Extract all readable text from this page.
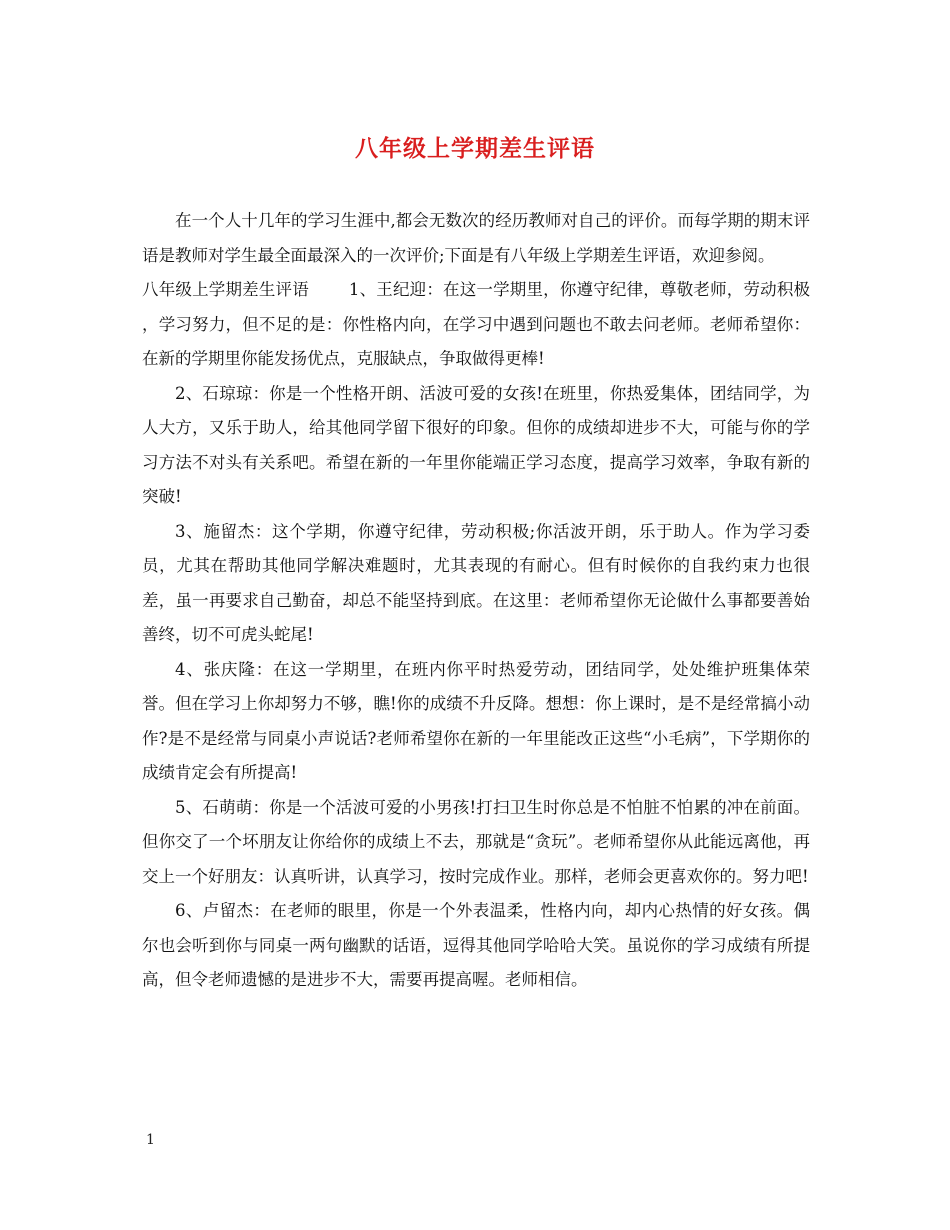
八年级上学期差生评语

在一个人十几年的学习生涯中,都会无数次的经历教师对自己的评价。而每学期的期末评语是教师对学生最全面最深入的一次评价;下面是有八年级上学期差生评语，欢迎参阅。

八年级上学期差生评语 1、王纪迎：在这一学期里，你遵守纪律，尊敬老师，劳动积极 ，学习努力，但不足的是：你性格内向，在学习中遇到问题也不敢去问老师。老师希望你：在新的学期里你能发扬优点，克服缺点，争取做得更棒!

2、石琼琼：你是一个性格开朗、活波可爱的女孩!在班里，你热爱集体，团结同学，为人大方，又乐于助人，给其他同学留下很好的印象。但你的成绩却进步不大，可能与你的学习方法不对头有关系吧。希望在新的一年里你能端正学习态度，提高学习效率，争取有新的突破!

3、施留杰：这个学期，你遵守纪律，劳动积极;你活波开朗，乐于助人。作为学习委员，尤其在帮助其他同学解决难题时，尤其表现的有耐心。但有时候你的自我约束力也很差，虽一再要求自己勤奋，却总不能坚持到底。在这里：老师希望你无论做什么事都要善始善终，切不可虎头蛇尾!

4、张庆隆：在这一学期里，在班内你平时热爱劳动，团结同学，处处维护班集体荣誉。但在学习上你却努力不够，瞧!你的成绩不升反降。想想：你上课时，是不是经常搞小动作?是不是经常与同桌小声说话?老师希望你在新的一年里能改正这些“小毛病”，下学期你的成绩肯定会有所提高!

5、石萌萌：你是一个活波可爱的小男孩!打扫卫生时你总是不怕脏不怕累的冲在前面。但你交了一个坏朋友让你给你的成绩上不去，那就是“贪玩”。老师希望你从此能远离他，再交上一个好朋友：认真听讲，认真学习，按时完成作业。那样，老师会更喜欢你的。努力吧!

6、卢留杰：在老师的眼里，你是一个外表温柔，性格内向，却内心热情的好女孩。偶尔也会听到你与同桌一两句幽默的话语，逗得其他同学哈哈大笑。虽说你的学习成绩有所提高，但令老师遗憾的是进步不大，需要再提高喔。老师相信。

1
